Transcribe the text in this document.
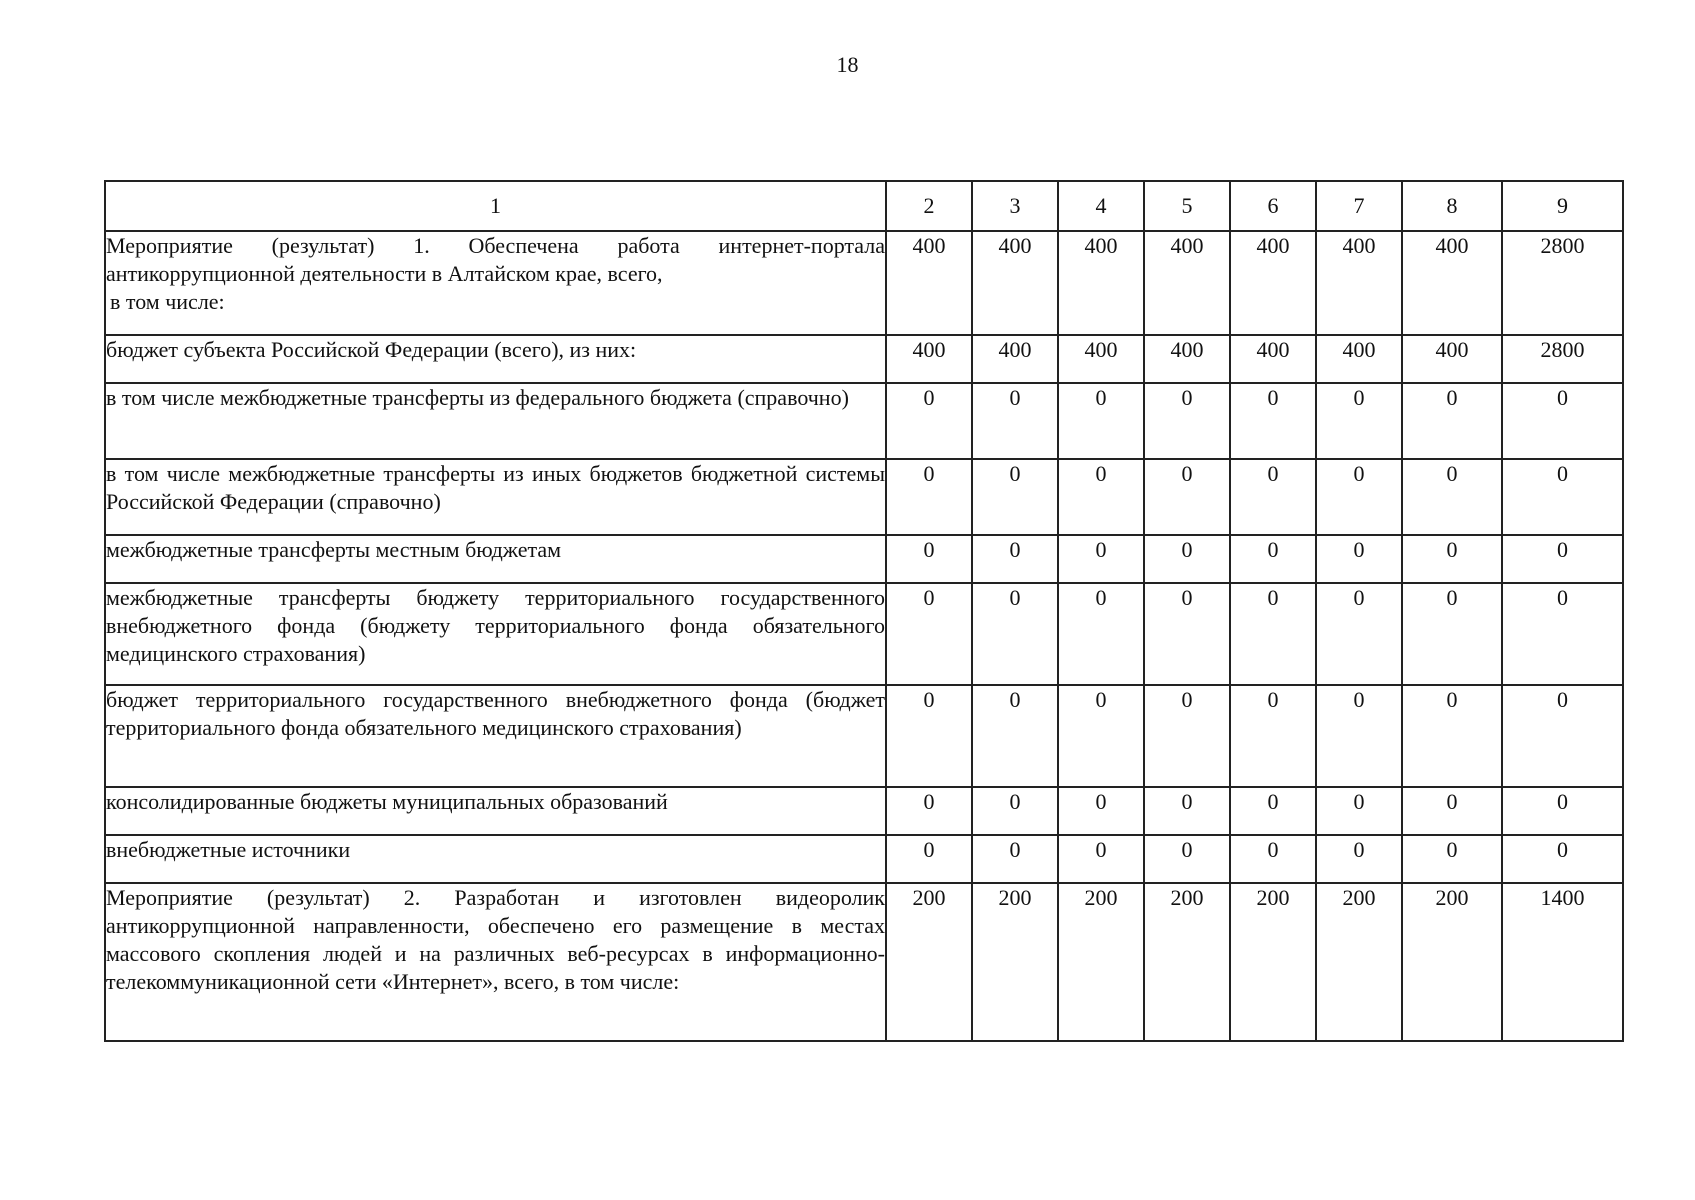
18
1	2	3	4	5	6	7	8	9

Мероприятие (результат) 1. Обеспечена работа интернет-портала антикоррупционной деятельности в Алтайском крае, всего,
в том числе:	400	400	400	400	400	400	400	2800

бюджет субъекта Российской Федерации (всего), из них:	400	400	400	400	400	400	400	2800

в том числе межбюджетные трансферты из федерального бюджета (справочно)	0	0	0	0	0	0	0	0

в том числе межбюджетные трансферты из иных бюджетов бюджетной системы Российской Федерации (справочно)	0	0	0	0	0	0	0	0

межбюджетные трансферты местным бюджетам	0	0	0	0	0	0	0	0

межбюджетные трансферты бюджету территориального государственного внебюджетного фонда (бюджету территориального фонда обязательного медицинского страхования)	0	0	0	0	0	0	0	0

бюджет территориального государственного внебюджетного фонда (бюджет территориального фонда обязательного медицинского страхования)	0	0	0	0	0	0	0	0

консолидированные бюджеты муниципальных образований	0	0	0	0	0	0	0	0

внебюджетные источники	0	0	0	0	0	0	0	0

Мероприятие (результат) 2. Разработан и изготовлен видеоролик антикоррупционной направленности, обеспечено его размещение в местах массового скопления людей и на различных веб-ресурсах в информационно-телекоммуникационной сети «Интернет», всего, в том числе:	200	200	200	200	200	200	200	1400
